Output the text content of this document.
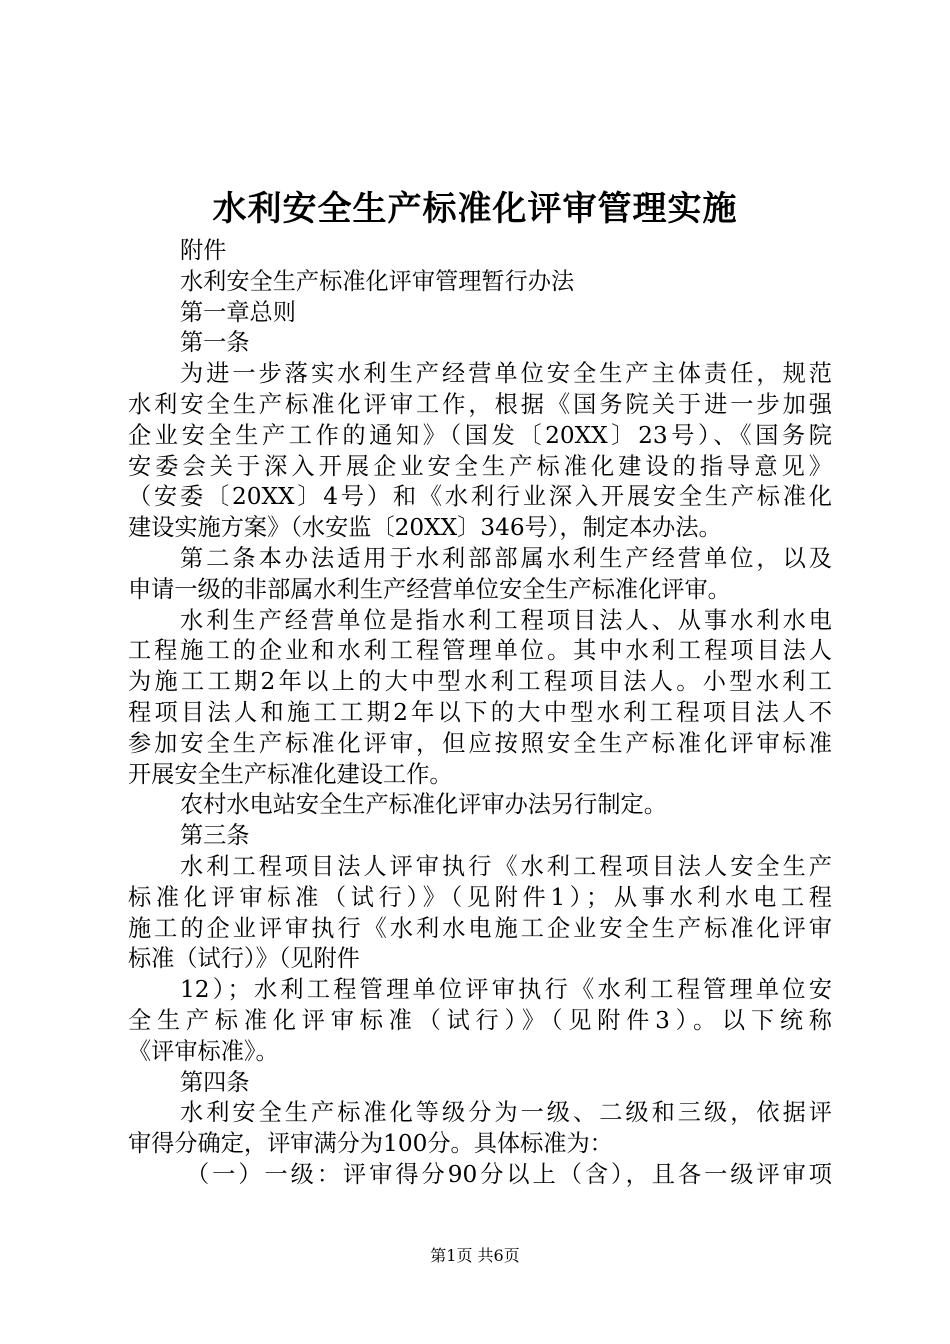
水利安全生产标准化评审管理实施

附件

水利安全生产标准化评审管理暂行办法

第一章总则

第一条

为进一步落实水利生产经营单位安全生产主体责任，规范

水利安全生产标准化评审工作，根据《国务院关于进一步加强

企业安全生产工作的通知》（国发〔20XX〕23号）、《国务院

安委会关于深入开展企业安全生产标准化建设的指导意见》

（安委〔20XX〕4号）和《水利行业深入开展安全生产标准化

建设实施方案》（水安监〔20XX〕346号），制定本办法。

第二条本办法适用于水利部部属水利生产经营单位，以及

申请一级的非部属水利生产经营单位安全生产标准化评审。

水利生产经营单位是指水利工程项目法人、从事水利水电

工程施工的企业和水利工程管理单位。其中水利工程项目法人

为施工工期2年以上的大中型水利工程项目法人。小型水利工

程项目法人和施工工期2年以下的大中型水利工程项目法人不

参加安全生产标准化评审，但应按照安全生产标准化评审标准

开展安全生产标准化建设工作。

农村水电站安全生产标准化评审办法另行制定。

第三条

水利工程项目法人评审执行《水利工程项目法人安全生产

标准化评审标准（试行）》（见附件1）；从事水利水电工程

施工的企业评审执行《水利水电施工企业安全生产标准化评审

标准（试行）》（见附件

12）；水利工程管理单位评审执行《水利工程管理单位安

全生产标准化评审标准（试行）》（见附件3）。以下统称

《评审标准》。

第四条

水利安全生产标准化等级分为一级、二级和三级，依据评

审得分确定，评审满分为100分。具体标准为：

（一）一级：评审得分90分以上（含），且各一级评审项

第1页 共6页
